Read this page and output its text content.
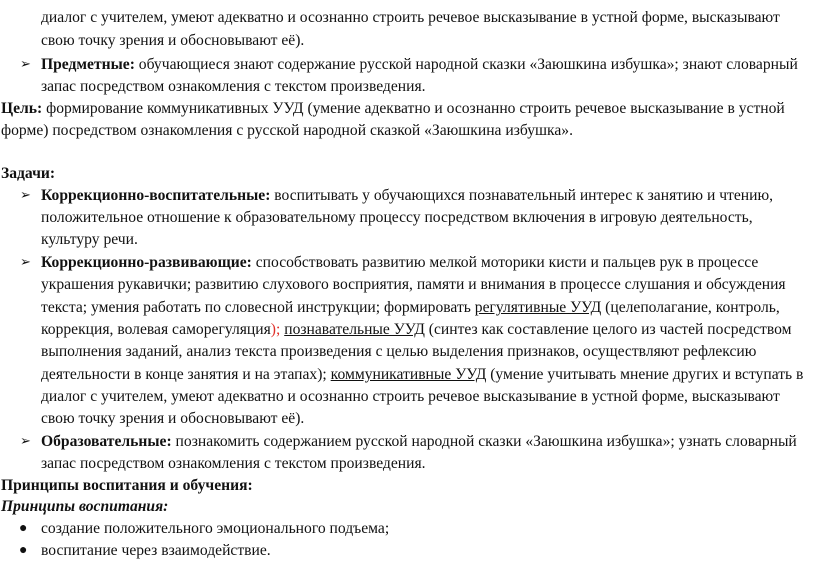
диалог с учителем, умеют адекватно и осознанно строить речевое высказывание в устной форме, высказывают
свою точку зрения и обосновывают её).
➢ Предметные: обучающиеся знают содержание русской народной сказки «Заюшкина избушка»; знают словарный
запас посредством ознакомления с текстом произведения.
Цель: формирование коммуникативных УУД (умение адекватно и осознанно строить речевое высказывание в устной
форме) посредством ознакомления с русской народной сказкой «Заюшкина избушка».
Задачи:
➢ Коррекционно-воспитательные: воспитывать у обучающихся познавательный интерес к занятию и чтению,
положительное отношение к образовательному процессу посредством включения в игровую деятельность,
культуру речи.
➢ Коррекционно-развивающие: способствовать развитию мелкой моторики кисти и пальцев рук в процессе
украшения рукавички; развитию слухового восприятия, памяти и внимания в процессе слушания и обсуждения
текста; умения работать по словесной инструкции; формировать регулятивные УУД (целеполагание, контроль,
коррекция, волевая саморегуляция); познавательные УУД (синтез как составление целого из частей посредством
выполнения заданий, анализ текста произведения с целью выделения признаков, осуществляют рефлексию
деятельности в конце занятия и на этапах); коммуникативные УУД (умение учитывать мнение других и вступать в
диалог с учителем, умеют адекватно и осознанно строить речевое высказывание в устной форме, высказывают
свою точку зрения и обосновывают её).
➢ Образовательные: познакомить содержанием русской народной сказки «Заюшкина избушка»; узнать словарный
запас посредством ознакомления с текстом произведения.
Принципы воспитания и обучения:
Принципы воспитания:
● создание положительного эмоционального подъема;
● воспитание через взаимодействие.
